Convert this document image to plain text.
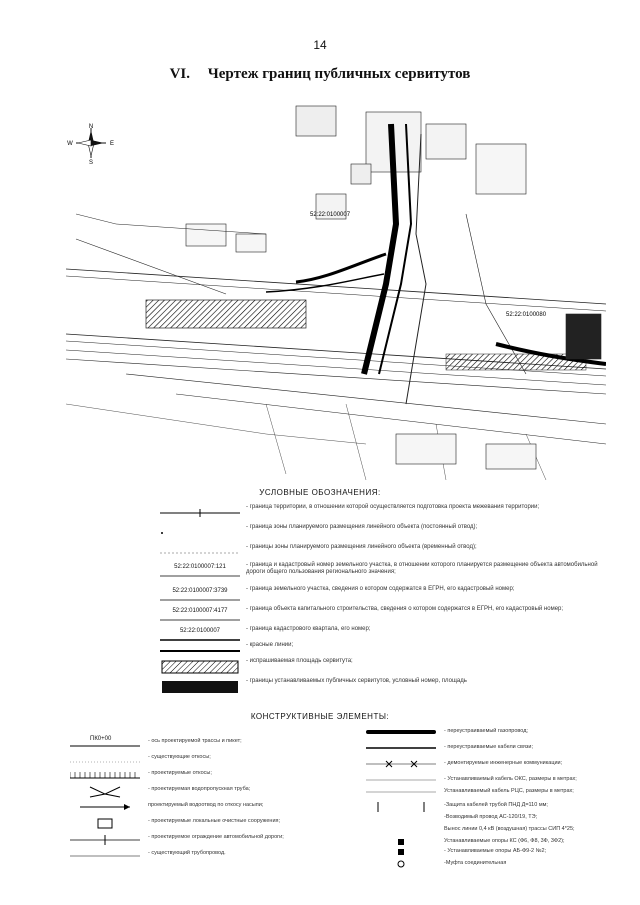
14
VI. Чертеж границ публичных сервитутов
N
S
W	E
52:22:0100007
52:22:0100080
УСЛОВНЫЕ ОБОЗНАЧЕНИЯ:
- граница территории, в отношении которой осуществляется подготовка проекта межевания территории;
- граница зоны планируемого размещения линейного объекта (постоянный отвод);
- границы зоны планируемого размещения линейного объекта (временный отвод);
52:22:0100007:121	- граница и кадастровый номер земельного участка, в отношении которого планируется размещение объекта автомобильной дороги общего пользования регионального значения;
52:22:0100007:3739	- граница земельного участка, сведения о котором содержатся в ЕГРН, его кадастровый номер;
52:22:0100007:4177	- граница объекта капитального строительства, сведения о котором содержатся в ЕГРН, его кадастровый номер;
52:22:0100007	- граница кадастрового квартала, его номер;
- красные линии;
- испрашиваемая площадь сервитута;
- границы устанавливаемых публичных сервитутов, условный номер, площадь
КОНСТРУКТИВНЫЕ ЭЛЕМЕНТЫ:
ПК0+00	- ось проектируемой трассы и пикет;
- существующие откосы;
- проектируемые откосы;
- проектируемая водопропускная труба;
проектируемый водоотвод по откосу насыпи;
- проектируемые локальные очистные сооружения;
- проектируемое ограждение автомобильной дороги;
- существующий трубопровод.
- переустраиваемый газопровод;
- переустраиваемые кабели связи;
- демонтируемые инженерные коммуникации;
- Устанавливаемый кабель ОКС, размеры в метрах;
Устанавливаемый кабель РЦС, размеры в метрах;
-Защита кабелей трубой ПНД Д=110 мм;
-Возводимый провод АС-120/19, ТЭ;
Вынос линии 0,4 кВ (воздушная) трассы СИП 4*25;
Устанавливаемые опоры КС (Ф6, Ф8, 3Ф, 3Ф2);
- Устанавливаемые опоры АБ-Ф9-2 №2;
-Муфта соединительная
